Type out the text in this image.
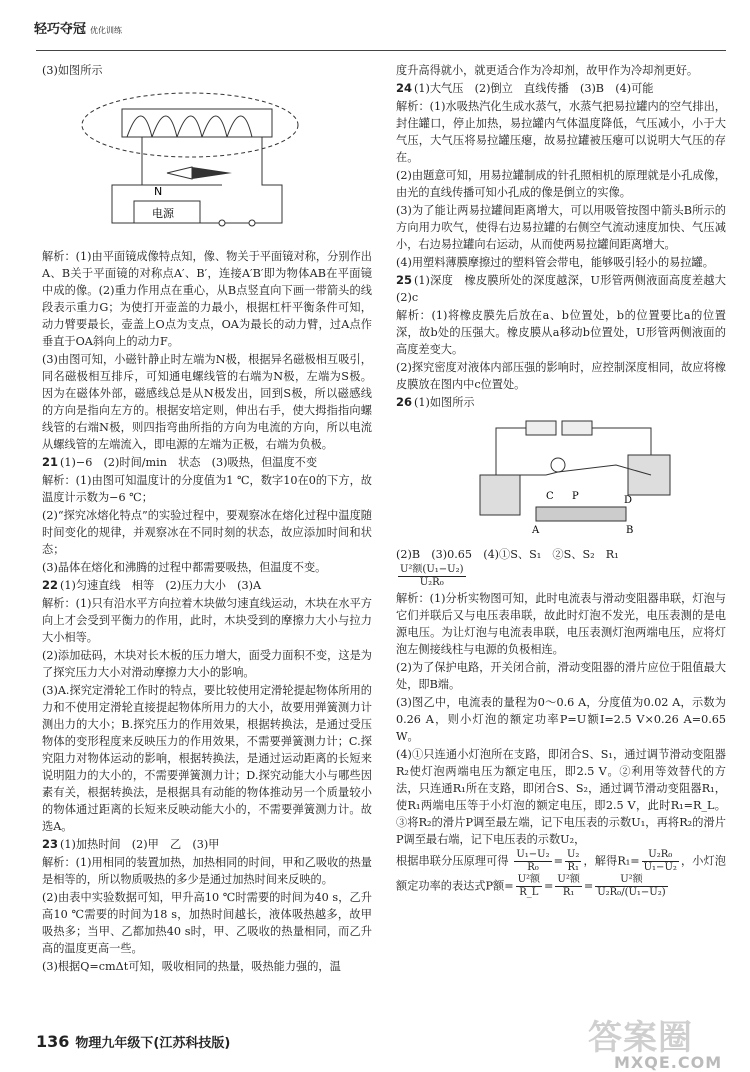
轻巧夺冠 优化训练

(3)如图所示

N
电源

解析：(1)由平面镜成像特点知，像、物关于平面镜对称，分别作出A、B关于平面镜的对称点A′、B′，连接A′B′即为物体AB在平面镜中成的像。(2)重力作用点在重心，从B点竖直向下画一带箭头的线段表示重力G；为使打开壶盖的力最小，根据杠杆平衡条件可知，动力臂要最长，壶盖上O点为支点，OA为最长的动力臂，过A点作垂直于OA斜向上的动力F。

(3)由图可知，小磁针静止时左端为N极，根据异名磁极相互吸引，同名磁极相互排斥，可知通电螺线管的右端为N极，左端为S极。因为在磁体外部，磁感线总是从N极发出，回到S极，所以磁感线的方向是指向左方的。根据安培定则，伸出右手，使大拇指指向螺线管的右端N极，则四指弯曲所指的方向为电流的方向，所以电流从螺线管的左端流入，即电源的左端为正极，右端为负极。

21 (1)−6　(2)时间/min　状态　(3)吸热，但温度不变

解析：(1)由图可知温度计的分度值为1 ℃，数字10在0的下方，故温度计示数为−6 ℃；

(2)“探究冰熔化特点”的实验过程中，要观察冰在熔化过程中温度随时间变化的规律，并观察冰在不同时刻的状态，故应添加时间和状态；

(3)晶体在熔化和沸腾的过程中都需要吸热，但温度不变。

22 (1)匀速直线　相等　(2)压力大小　(3)A

解析：(1)只有沿水平方向拉着木块做匀速直线运动，木块在水平方向上才会受到平衡力的作用，此时，木块受到的摩擦力大小与拉力大小相等。

(2)添加砝码，木块对长木板的压力增大，面受力面积不变，这是为了探究压力大小对滑动摩擦力大小的影响。

(3)A.探究定滑轮工作时的特点，要比较使用定滑轮提起物体所用的力和不使用定滑轮直接提起物体所用力的大小，故要用弹簧测力计测出力的大小；B.探究压力的作用效果，根据转换法，是通过受压物体的变形程度来反映压力的作用效果，不需要弹簧测力计；C.探究阻力对物体运动的影响，根据转换法，是通过运动距离的长短来说明阻力的大小的，不需要弹簧测力计；D.探究动能大小与哪些因素有关，根据转换法，是根据具有动能的物体推动另一个质量较小的物体通过距离的长短来反映动能大小的，不需要弹簧测力计。故选A。

23 (1)加热时间　(2)甲　乙　(3)甲

解析：(1)用相同的装置加热，加热相同的时间，甲和乙吸收的热量是相等的，所以物质吸热的多少是通过加热时间来反映的。

(2)由表中实验数据可知，甲升高10 ℃时需要的时间为40 s，乙升高10 ℃需要的时间为18 s，加热时间越长，液体吸热越多，故甲吸热多；当甲、乙都加热40 s时，甲、乙吸收的热量相同，而乙升高的温度更高一些。

(3)根据Q=cmΔt可知，吸收相同的热量，吸热能力强的，温

度升高得就小，就更适合作为冷却剂，故甲作为冷却剂更好。

24 (1)大气压　(2)倒立　直线传播　(3)B　(4)可能

解析：(1)水吸热汽化生成水蒸气，水蒸气把易拉罐内的空气排出，封住罐口，停止加热，易拉罐内气体温度降低，气压减小，小于大气压，大气压将易拉罐压瘪，故易拉罐被压瘪可以说明大气压的存在。

(2)由题意可知，用易拉罐制成的针孔照相机的原理就是小孔成像，由光的直线传播可知小孔成的像是倒立的实像。

(3)为了能让两易拉罐间距离增大，可以用吸管按图中箭头B所示的方向用力吹气，使得右边易拉罐的右侧空气流动速度加快、气压减小，右边易拉罐向右运动，从而使两易拉罐间距离增大。

(4)用塑料薄膜摩擦过的塑料管会带电，能够吸引轻小的易拉罐。

25 (1)深度　橡皮膜所处的深度越深，U形管两侧液面高度差越大　(2)c

解析：(1)将橡皮膜先后放在a、b位置处，b的位置要比a的位置深，故b处的压强大。橡皮膜从a移动b位置处，U形管两侧液面的高度差变大。

(2)探究密度对液体内部压强的影响时，应控制深度相同，故应将橡皮膜放在图内中c位置处。

26 (1)如图所示

C P	D
A	B

(2)B　(3)0.65　(4)①S、S₁　②S、S₂　R₁

$\frac{\text{U²额(U₁−U₂)}}{\text{U₂R₀}}$

解析：(1)分析实物图可知，此时电流表与滑动变阻器串联，灯泡与它们并联后又与电压表串联，故此时灯泡不发光，电压表测的是电源电压。为让灯泡与电流表串联，电压表测灯泡两端电压，应将灯泡左侧接线柱与电源的负极相连。

(2)为了保护电路，开关闭合前，滑动变阻器的滑片应位于阻值最大处，即B端。

(3)图乙中，电流表的量程为0～0.6 A，分度值为0.02 A，示数为0.26 A，则小灯泡的额定功率P=U额I=2.5 V×0.26 A=0.65 W。

(4)①只连通小灯泡所在支路，即闭合S、S₁，通过调节滑动变阻器R₂使灯泡两端电压为额定电压，即2.5 V。②利用等效替代的方法，只连通R₁所在支路，即闭合S、S₂，通过调节滑动变阻器R₁，使R₁两端电压等于小灯泡的额定电压，即2.5 V，此时R₁=R_L。③将R₂的滑片P调至最左端，记下电压表的示数U₁，再将R₂的滑片P调至最右端，记下电压表的示数U₂，

根据串联分压原理可得 $\frac{\text{U₁−U₂}}{\text{R₀}} = \frac{\text{U₂}}{\text{R₁}}$ ，解得$R_1= \frac{\text{U₂R₀}}{\text{U₁−U₂}}$ ，小灯泡额定功率的表达式P额= $\frac{\text{U²额}}{R\_L} = \frac{\text{U²额}}{\text{R₁}} = \frac{\text{U²额}}{\text{U₂R₀/(U₁−U₂)}}$

136 物理九年级下(江苏科技版)	答案圈
MXQE.COM
